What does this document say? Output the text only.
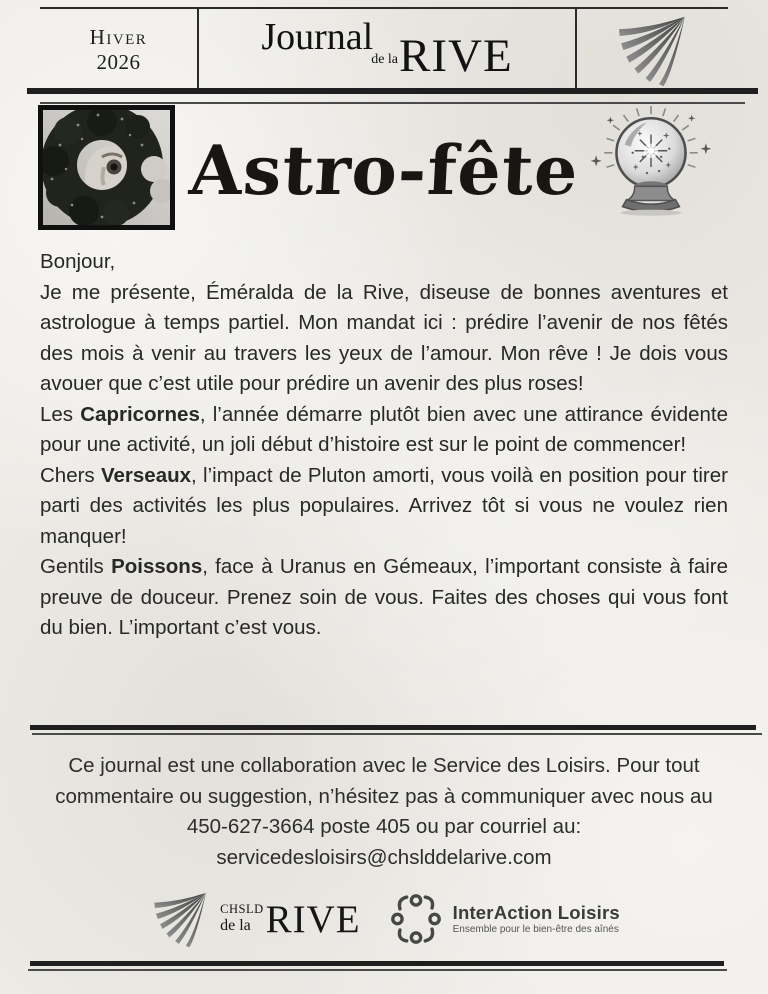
Hiver
2026
Journal
de la RIVE
Astro-fête

Bonjour,

Je me présente, Éméralda de la Rive, diseuse de bonnes aventures et astrologue à temps partiel. Mon mandat ici : prédire l’avenir de nos fêtés des mois à venir au travers les yeux de l’amour. Mon rêve ! Je dois vous avouer que c’est utile pour prédire un avenir des plus roses!

Les Capricornes, l’année démarre plutôt bien avec une attirance évidente pour une activité, un joli début d’histoire est sur le point de commencer!

Chers Verseaux, l’impact de Pluton amorti, vous voilà en position pour tirer parti des activités les plus populaires. Arrivez tôt si vous ne voulez rien manquer!

Gentils Poissons, face à Uranus en Gémeaux, l’important consiste à faire preuve de douceur. Prenez soin de vous. Faites des choses qui vous font du bien. L’important c’est vous.

Ce journal est une collaboration avec le Service des Loisirs. Pour tout commentaire ou suggestion, n’hésitez pas à communiquer avec nous au 450-627-3664 poste 405 ou par courriel au: servicedesloisirs@chslddelarive.com
CHSLD
de la RIVE	InterAction Loisirs
Ensemble pour le bien-être des aînés
